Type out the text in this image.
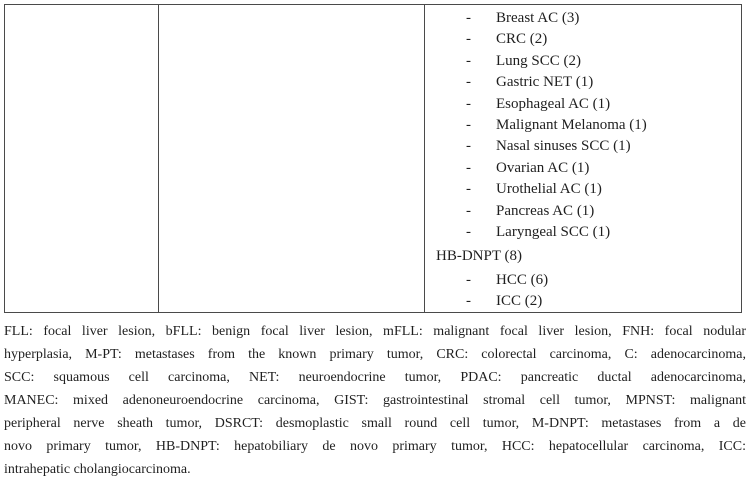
-	Breast AC (3)
-	CRC (2)
-	Lung SCC (2)
-	Gastric NET (1)
-	Esophageal AC (1)
-	Malignant Melanoma (1)
-	Nasal sinuses SCC (1)
-	Ovarian AC (1)
-	Urothelial AC (1)
-	Pancreas AC (1)
-	Laryngeal SCC (1)
HB-DNPT (8)
-	HCC (6)
-	ICC (2)
FLL: focal liver lesion, bFLL: benign focal liver lesion, mFLL: malignant focal liver lesion, FNH: focal nodular
hyperplasia, M-PT: metastases from the known primary tumor, CRC: colorectal carcinoma, C: adenocarcinoma,
SCC: squamous cell carcinoma, NET: neuroendocrine tumor, PDAC: pancreatic ductal adenocarcinoma,
MANEC: mixed adenoneuroendocrine carcinoma, GIST: gastrointestinal stromal cell tumor, MPNST: malignant
peripheral nerve sheath tumor, DSRCT: desmoplastic small round cell tumor, M-DNPT: metastases from a de
novo primary tumor, HB-DNPT: hepatobiliary de novo primary tumor, HCC: hepatocellular carcinoma, ICC:
intrahepatic cholangiocarcinoma.
